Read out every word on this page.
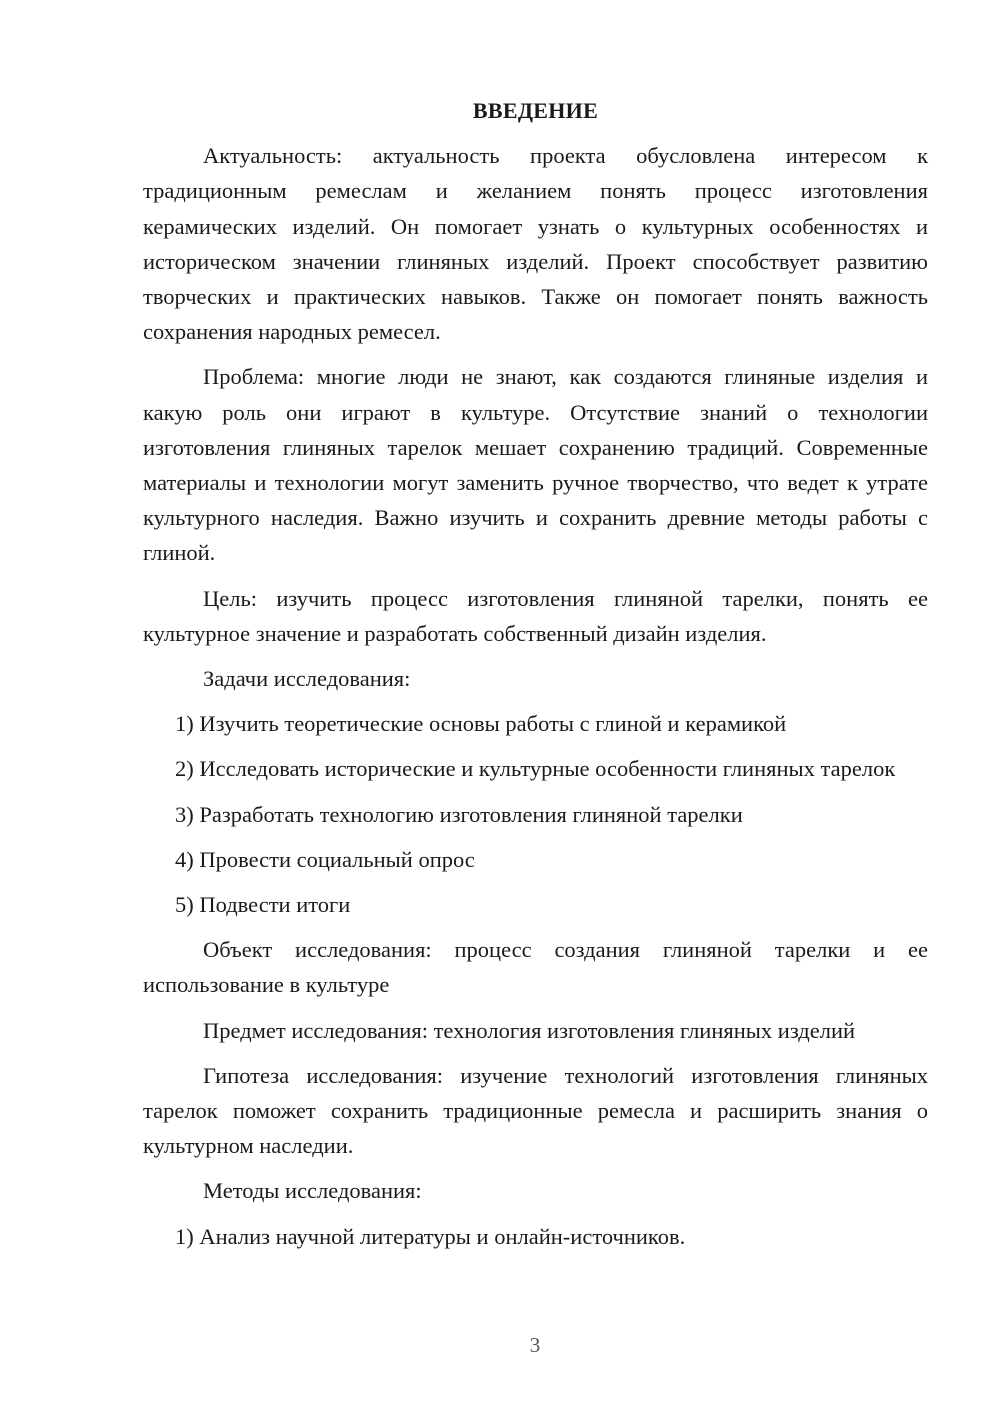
ВВЕДЕНИЕ

Актуальность: актуальность проекта обусловлена интересом к традиционным ремеслам и желанием понять процесс изготовления керамических изделий. Он помогает узнать о культурных особенностях и историческом значении глиняных изделий. Проект способствует развитию творческих и практических навыков. Также он помогает понять важность сохранения народных ремесел.

Проблема: многие люди не знают, как создаются глиняные изделия и какую роль они играют в культуре. Отсутствие знаний о технологии изготовления глиняных тарелок мешает сохранению традиций. Современные материалы и технологии могут заменить ручное творчество, что ведет к утрате культурного наследия. Важно изучить и сохранить древние методы работы с глиной.

Цель: изучить процесс изготовления глиняной тарелки, понять ее культурное значение и разработать собственный дизайн изделия.

Задачи исследования:

1) Изучить теоретические основы работы с глиной и керамикой

2) Исследовать исторические и культурные особенности глиняных тарелок

3) Разработать технологию изготовления глиняной тарелки

4) Провести социальный опрос

5) Подвести итоги

Объект исследования: процесс создания глиняной тарелки и ее использование в культуре

Предмет исследования: технология изготовления глиняных изделий

Гипотеза исследования: изучение технологий изготовления глиняных тарелок поможет сохранить традиционные ремесла и расширить знания о культурном наследии.

Методы исследования:

1) Анализ научной литературы и онлайн-источников.

3
